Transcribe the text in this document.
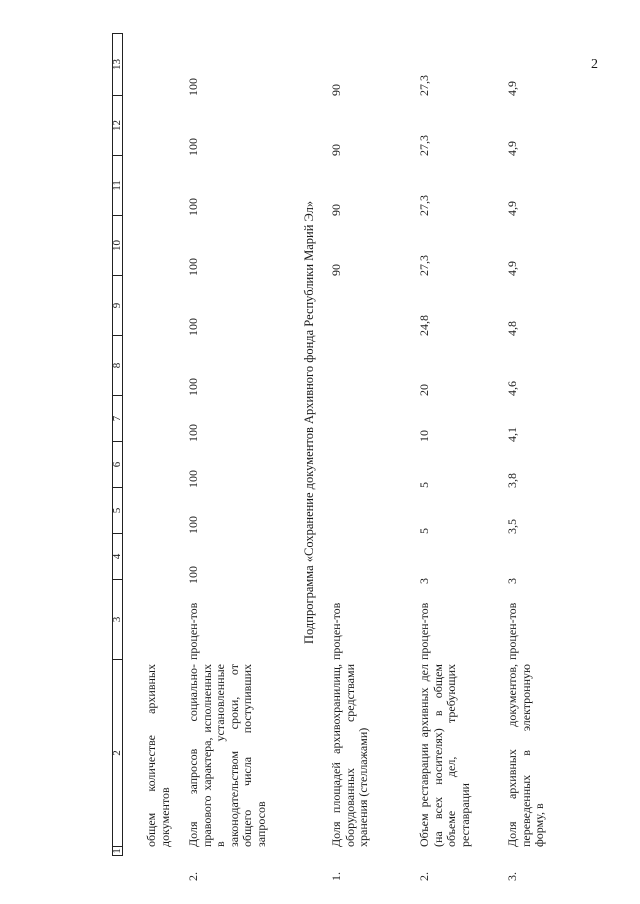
2
1	2	3	4	5	6	7	8	9	10	11	12	13
	общем количестве архивных документов											
2.	Доля запросов социально-правового характера, исполненных в установленные законодательством сроки, от общего числа поступивших запросов	процен-тов	100	100	100	100	100	100	100	100	100	100
Подпрограмма «Сохранение документов Архивного фонда Республики Марий Эл»
1.	Доля площадей архивохранилищ, оборудованных средствами хранения (стеллажами)	процен-тов							90	90	90	90
2.	Объем реставрации архивных дел (на всех носителях) в общем объеме дел, требующих реставрации	процен-тов	3	5	5	10	20	24,8	27,3	27,3	27,3	27,3
3.	Доля архивных документов, переведенных в электронную форму, в	процен-тов	3	3,5	3,8	4,1	4,6	4,8	4,9	4,9	4,9	4,9
